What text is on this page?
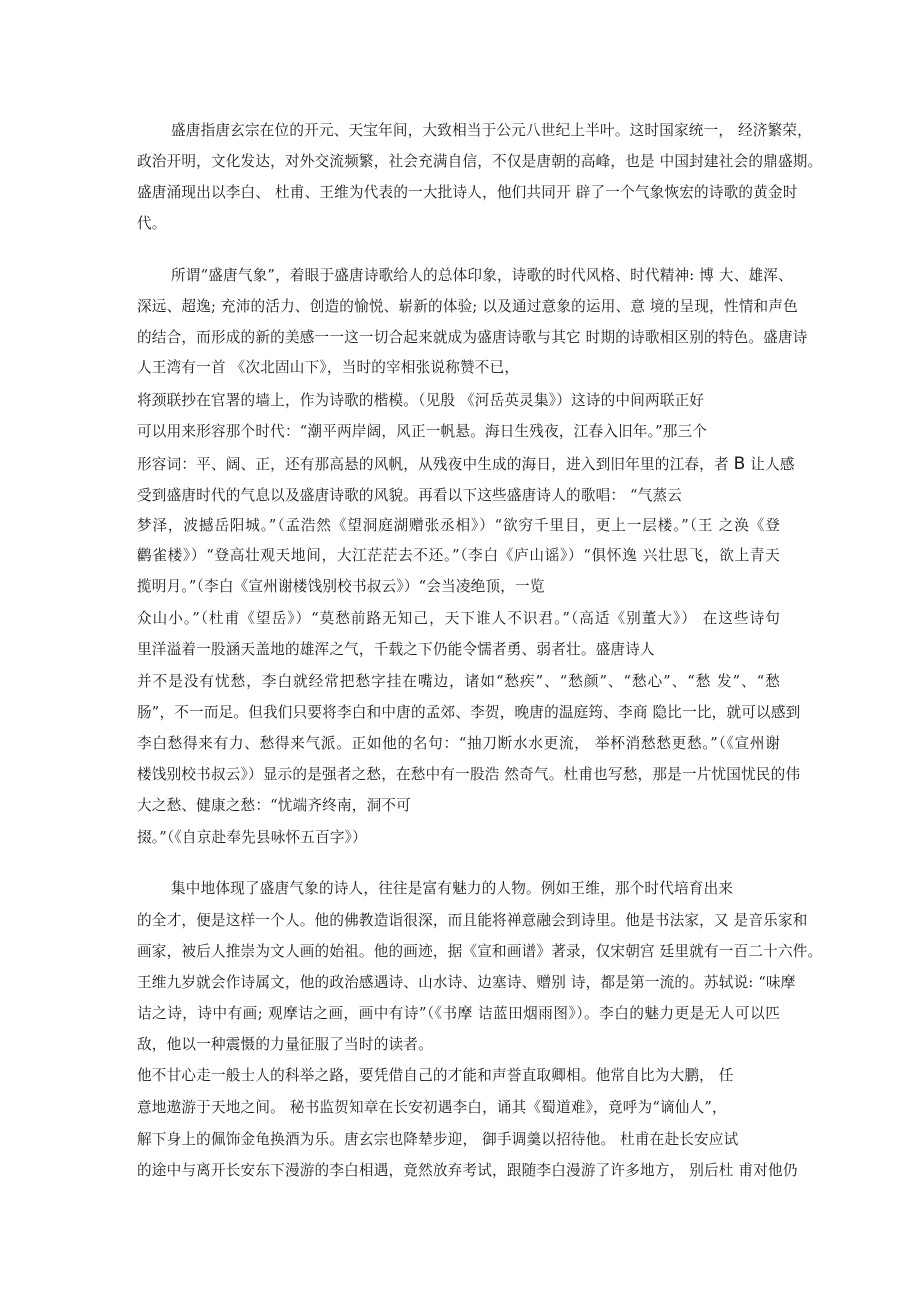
盛唐指唐玄宗在位的开元、天宝年间，大致相当于公元八世纪上半叶。这时国家统一， 经济繁荣，
政治开明，文化发达，对外交流频繁，社会充满自信，不仅是唐朝的高峰，也是 中国封建社会的鼎盛期。
盛唐涌现出以李白、 杜甫、王维为代表的一大批诗人，他们共同开 辟了一个气象恢宏的诗歌的黄金时
代。
所谓“盛唐气象”，着眼于盛唐诗歌给人的总体印象，诗歌的时代风格、时代精神: 博 大、雄浑、
深远、超逸; 充沛的活力、创造的愉悦、崭新的体验; 以及通过意象的运用、意 境的呈现，性情和声色
的结合，而形成的新的美感一一这一切合起来就成为盛唐诗歌与其它 时期的诗歌相区别的特色。盛唐诗
人王湾有一首 《次北固山下》，当时的宰相张说称赞不已，
将颈联抄在官署的墙上，作为诗歌的楷模。（见殷 《河岳英灵集》）这诗的中间两联正好
可以用来形容那个时代：“潮平两岸阔，风正一帆悬。海日生残夜，江春入旧年。”那三个
形容词：平、阔、正，还有那高悬的风帆，从残夜中生成的海日，进入到旧年里的江春，者 B 让人感
受到盛唐时代的气息以及盛唐诗歌的风貌。再看以下这些盛唐诗人的歌唱： “气蒸云
梦泽，波撼岳阳城。”（孟浩然《望洞庭湖赠张丞相》）“欲穷千里目，更上一层楼。”（王 之涣《登
鹳雀楼》）“登高壮观天地间，大江茫茫去不还。”（李白《庐山谣》）“俱怀逸 兴壮思飞，欲上青天
揽明月。”（李白《宣州谢楼饯别校书叔云》）“会当凌绝顶，一览
众山小。”（杜甫《望岳》）“莫愁前路无知己，天下谁人不识君。”（高适《别董大》） 在这些诗句
里洋溢着一股涵天盖地的雄浑之气，千载之下仍能令懦者勇、弱者壮。盛唐诗人
并不是没有忧愁，李白就经常把愁字挂在嘴边，诸如“愁疾”、“愁颜”、“愁心”、“愁 发”、“愁
肠”，不一而足。但我们只要将李白和中唐的孟郊、李贺，晚唐的温庭筠、李商 隐比一比，就可以感到
李白愁得来有力、愁得来气派。正如他的名句：“抽刀断水水更流， 举杯消愁愁更愁。”（《宣州谢
楼饯别校书叔云》）显示的是强者之愁，在愁中有一股浩 然奇气。杜甫也写愁，那是一片忧国忧民的伟
大之愁、健康之愁：“忧端齐终南，洞不可
掇。”（《自京赴奉先县咏怀五百字》）
集中地体现了盛唐气象的诗人，往往是富有魅力的人物。例如王维，那个时代培育出来
的全才，便是这样一个人。他的佛教造诣很深，而且能将禅意融会到诗里。他是书法家，又 是音乐家和
画家，被后人推崇为文人画的始祖。他的画迹，据《宣和画谱》著录，仅宋朝宫 廷里就有一百二十六件。
王维九岁就会作诗属文，他的政治感遇诗、山水诗、边塞诗、赠别 诗，都是第一流的。苏轼说: “味摩
诘之诗，诗中有画; 观摩诘之画，画中有诗”（《书摩 诘蓝田烟雨图》）。李白的魅力更是无人可以匹
敌，他以一种震慑的力量征服了当时的读者。
他不甘心走一般士人的科举之路，要凭借自己的才能和声誉直取卿相。他常自比为大鹏， 任
意地遨游于天地之间。 秘书监贺知章在长安初遇李白，诵其《蜀道难》，竟呼为“谪仙人”，
解下身上的佩饰金龟换酒为乐。唐玄宗也降辇步迎， 御手调羹以招待他。 杜甫在赴长安应试
的途中与离开长安东下漫游的李白相遇，竟然放弃考试，跟随李白漫游了许多地方， 别后杜 甫对他仍
